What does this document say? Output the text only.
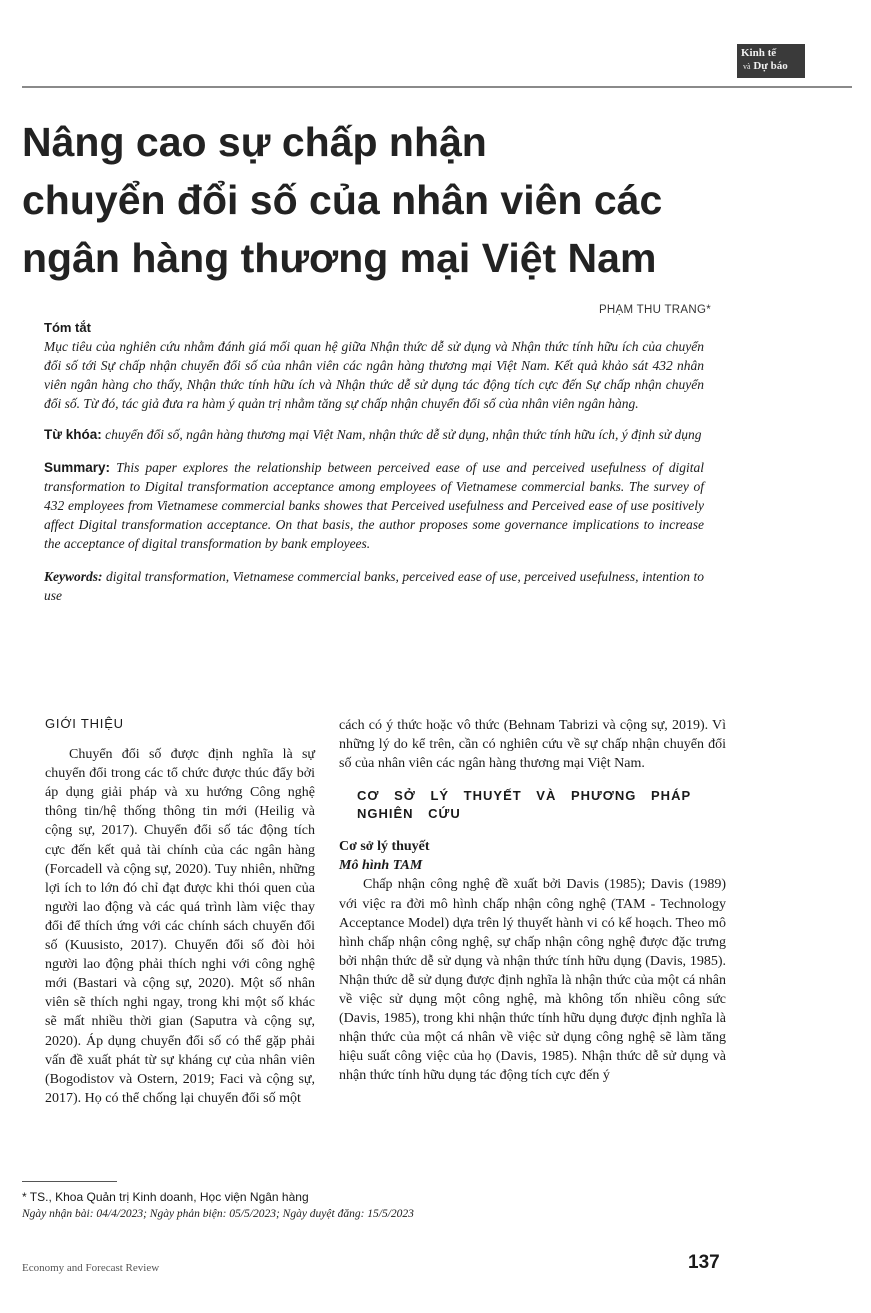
Kinh tế
và Dự báo
Nâng cao sự chấp nhận
chuyển đổi số của nhân viên các
ngân hàng thương mại Việt Nam
PHẠM THU TRANG*
Tóm tắt

Mục tiêu của nghiên cứu nhằm đánh giá mối quan hệ giữa Nhận thức dễ sử dụng và Nhận thức tính hữu ích của chuyển đổi số tới Sự chấp nhận chuyển đổi số của nhân viên các ngân hàng thương mại Việt Nam. Kết quả khảo sát 432 nhân viên ngân hàng cho thấy, Nhận thức tính hữu ích và Nhận thức dễ sử dụng tác động tích cực đến Sự chấp nhận chuyển đổi số. Từ đó, tác giả đưa ra hàm ý quản trị nhằm tăng sự chấp nhận chuyển đổi số của nhân viên ngân hàng.

Từ khóa: chuyển đổi số, ngân hàng thương mại Việt Nam, nhận thức dễ sử dụng, nhận thức tính hữu ích, ý định sử dụng

Summary: This paper explores the relationship between perceived ease of use and perceived usefulness of digital transformation to Digital transformation acceptance among employees of Vietnamese commercial banks. The survey of 432 employees from Vietnamese commercial banks showes that Perceived usefulness and Perceived ease of use positively affect Digital transformation acceptance. On that basis, the author proposes some governance implications to increase the acceptance of digital transformation by bank employees.

Keywords: digital transformation, Vietnamese commercial banks, perceived ease of use, perceived usefulness, intention to use

GIỚI THIỆU

Chuyển đổi số được định nghĩa là sự chuyển đổi trong các tổ chức được thúc đẩy bởi áp dụng giải pháp và xu hướng Công nghệ thông tin/hệ thống thông tin mới (Heilig và cộng sự, 2017). Chuyển đổi số tác động tích cực đến kết quả tài chính của các ngân hàng (Forcadell và cộng sự, 2020). Tuy nhiên, những lợi ích to lớn đó chỉ đạt được khi thói quen của người lao động và các quá trình làm việc thay đổi để thích ứng với các chính sách chuyển đổi số (Kuusisto, 2017). Chuyển đổi số đòi hỏi người lao động phải thích nghi với công nghệ mới (Bastari và cộng sự, 2020). Một số nhân viên sẽ thích nghi ngay, trong khi một số khác sẽ mất nhiều thời gian (Saputra và cộng sự, 2020). Áp dụng chuyển đổi số có thể gặp phải vấn đề xuất phát từ sự kháng cự của nhân viên (Bogodistov và Ostern, 2019; Faci và cộng sự, 2017). Họ có thể chống lại chuyển đổi số một

cách có ý thức hoặc vô thức (Behnam Tabrizi và cộng sự, 2019). Vì những lý do kể trên, cần có nghiên cứu về sự chấp nhận chuyển đổi số của nhân viên các ngân hàng thương mại Việt Nam.

CƠ SỞ LÝ THUYẾT VÀ PHƯƠNG PHÁP NGHIÊN CỨU

Cơ sở lý thuyết

Mô hình TAM

Chấp nhận công nghệ đề xuất bởi Davis (1985); Davis (1989) với việc ra đời mô hình chấp nhận công nghệ (TAM - Technology Acceptance Model) dựa trên lý thuyết hành vi có kế hoạch. Theo mô hình chấp nhận công nghệ, sự chấp nhận công nghệ được đặc trưng bởi nhận thức dễ sử dụng và nhận thức tính hữu dụng (Davis, 1985). Nhận thức dễ sử dụng được định nghĩa là nhận thức của một cá nhân về việc sử dụng một công nghệ, mà không tốn nhiều công sức (Davis, 1985), trong khi nhận thức tính hữu dụng được định nghĩa là nhận thức của một cá nhân về việc sử dụng công nghệ sẽ làm tăng hiệu suất công việc của họ (Davis, 1985). Nhận thức dễ sử dụng và nhận thức tính hữu dụng tác động tích cực đến ý

* TS., Khoa Quản trị Kinh doanh, Học viện Ngân hàng
Ngày nhận bài: 04/4/2023; Ngày phản biện: 05/5/2023; Ngày duyệt đăng: 15/5/2023
Economy and Forecast Review	137
